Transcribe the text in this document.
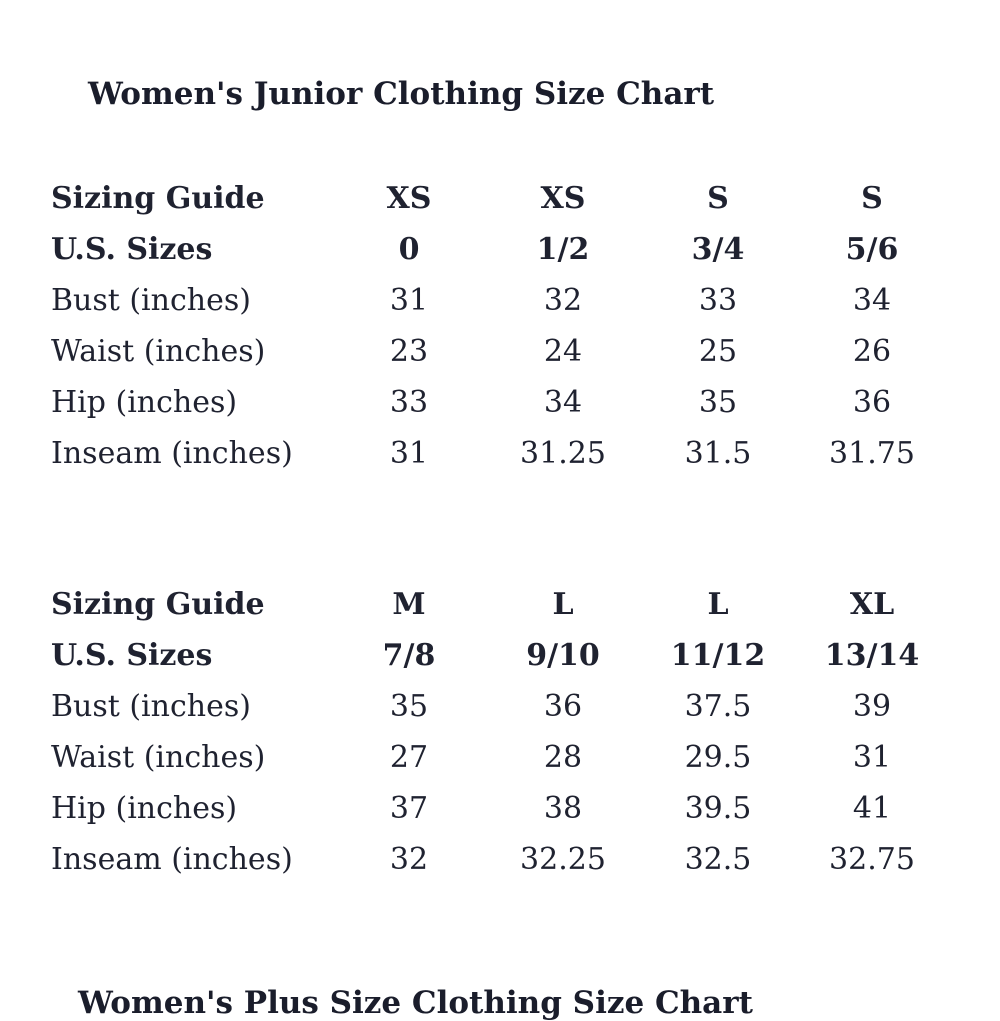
Women's Junior Clothing Size Chart
Sizing Guide	XS	XS	S	S
U.S. Sizes	0	1/2	3/4	5/6
Bust (inches)	31	32	33	34
Waist (inches)	23	24	25	26
Hip (inches)	33	34	35	36
Inseam (inches)	31	31.25	31.5	31.75
Sizing Guide	M	L	L	XL
U.S. Sizes	7/8	9/10	11/12	13/14
Bust (inches)	35	36	37.5	39
Waist (inches)	27	28	29.5	31
Hip (inches)	37	38	39.5	41
Inseam (inches)	32	32.25	32.5	32.75
Women's Plus Size Clothing Size Chart
